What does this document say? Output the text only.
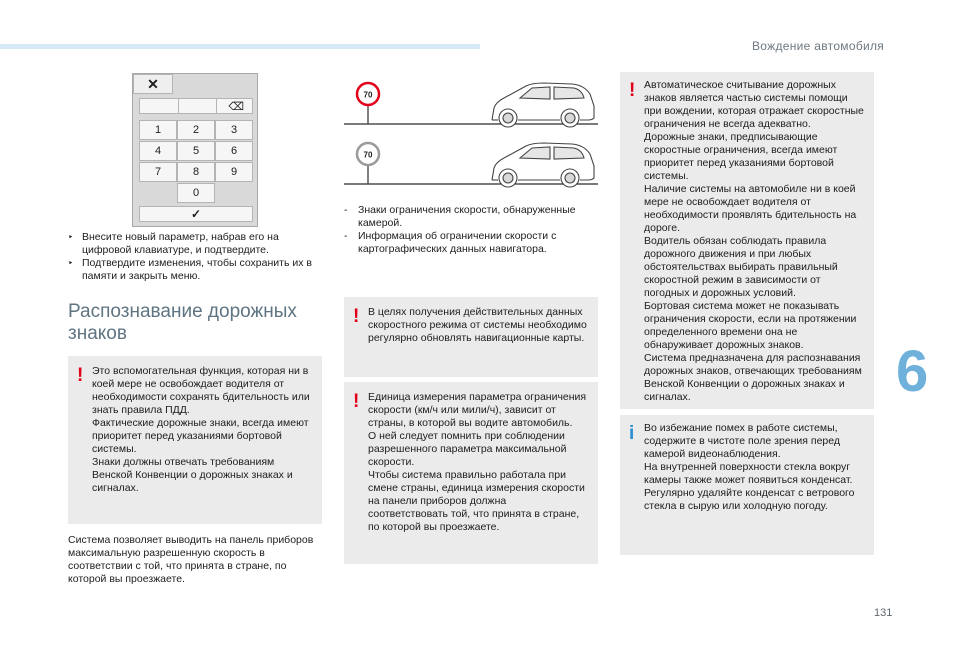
Вождение автомобиля
6
131
✕
⌫
1	2	3
4	5	6
7	8	9
0
✓
‣ Внесите новый параметр, набрав его на цифровой клавиатуре, и подтвердите.
‣ Подтвердите изменения, чтобы сохранить их в памяти и закрыть меню.
Распознавание дорожных знаков
! Это вспомогательная функция, которая ни в коей мере не освобождает водителя от необходимости сохранять бдительность или знать правила ПДД.
Фактические дорожные знаки, всегда имеют приоритет перед указаниями бортовой системы.
Знаки должны отвечать требованиям Венской Конвенции о дорожных знаках и сигналах.

Система позволяет выводить на панель приборов максимальную разрешенную скорость в соответствии с той, что принята в стране, по которой вы проезжаете.
70
70
- Знаки ограничения скорости, обнаруженные камерой.
- Информация об ограничении скорости с картографических данных навигатора.
! В целях получения действительных данных скоростного режима от системы необходимо регулярно обновлять навигационные карты.

! Единица измерения параметра ограничения скорости (км/ч или мили/ч), зависит от страны, в которой вы водите автомобиль.
О ней следует помнить при соблюдении разрешенного параметра максимальной скорости.
Чтобы система правильно работала при смене страны, единица измерения скорости на панели приборов должна соответствовать той, что принята в стране, по которой вы проезжаете.

! Автоматическое считывание дорожных знаков является частью системы помощи при вождении, которая отражает скоростные ограничения не всегда адекватно.
Дорожные знаки, предписывающие скоростные ограничения, всегда имеют приоритет перед указаниями бортовой системы.
Наличие системы на автомобиле ни в коей мере не освобождает водителя от необходимости проявлять бдительность на дороге.
Водитель обязан соблюдать правила дорожного движения и при любых обстоятельствах выбирать правильный скоростной режим в зависимости от погодных и дорожных условий.
Бортовая система может не показывать ограничения скорости, если на протяжении определенного времени она не обнаруживает дорожных знаков.
Система предназначена для распознавания дорожных знаков, отвечающих требованиям Венской Конвенции о дорожных знаках и сигналах.

i Во избежание помех в работе системы, содержите в чистоте поле зрения перед камерой видеонаблюдения.
На внутренней поверхности стекла вокруг камеры также может появиться конденсат.
Регулярно удаляйте конденсат с ветрового стекла в сырую или холодную погоду.
